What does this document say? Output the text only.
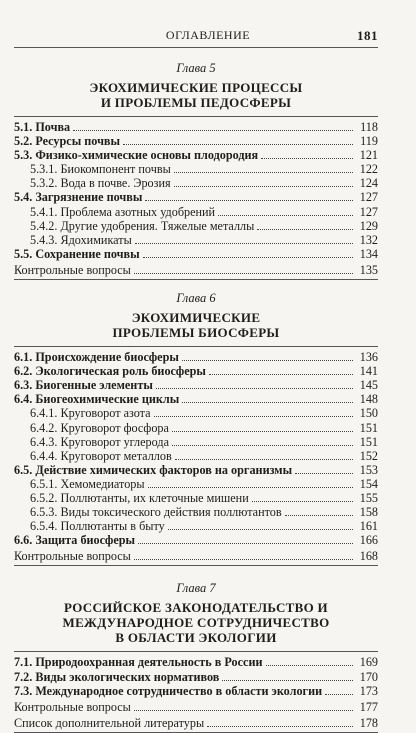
ОГЛАВЛЕНИЕ	181
Глава 5
ЭКОХИМИЧЕСКИЕ ПРОЦЕССЫ
И ПРОБЛЕМЫ ПЕДОСФЕРЫ
5.1. Почва	118
5.2. Ресурсы почвы	119
5.3. Физико-химические основы плодородия	121
5.3.1. Биокомпонент почвы	122
5.3.2. Вода в почве. Эрозия	124
5.4. Загрязнение почвы	127
5.4.1. Проблема азотных удобрений	127
5.4.2. Другие удобрения. Тяжелые металлы	129
5.4.3. Ядохимикаты	132
5.5. Сохранение почвы	134
Контрольные вопросы	135
Глава 6
ЭКОХИМИЧЕСКИЕ
ПРОБЛЕМЫ БИОСФЕРЫ
6.1. Происхождение биосферы	136
6.2. Экологическая роль биосферы	141
6.3. Биогенные элементы	145
6.4. Биогеохимические циклы	148
6.4.1. Круговорот азота	150
6.4.2. Круговорот фосфора	151
6.4.3. Круговорот углерода	151
6.4.4. Круговорот металлов	152
6.5. Действие химических факторов на организмы	153
6.5.1. Хемомедиаторы	154
6.5.2. Поллютанты, их клеточные мишени	155
6.5.3. Виды токсического действия поллютантов	158
6.5.4. Поллютанты в быту	161
6.6. Защита биосферы	166
Контрольные вопросы	168
Глава 7
РОССИЙСКОЕ ЗАКОНОДАТЕЛЬСТВО И
МЕЖДУНАРОДНОЕ СОТРУДНИЧЕСТВО
В ОБЛАСТИ ЭКОЛОГИИ
7.1. Природоохранная деятельность в России	169
7.2. Виды экологических нормативов	170
7.3. Международное сотрудничество в области экологии	173
Контрольные вопросы	177
Список дополнительной литературы	178
